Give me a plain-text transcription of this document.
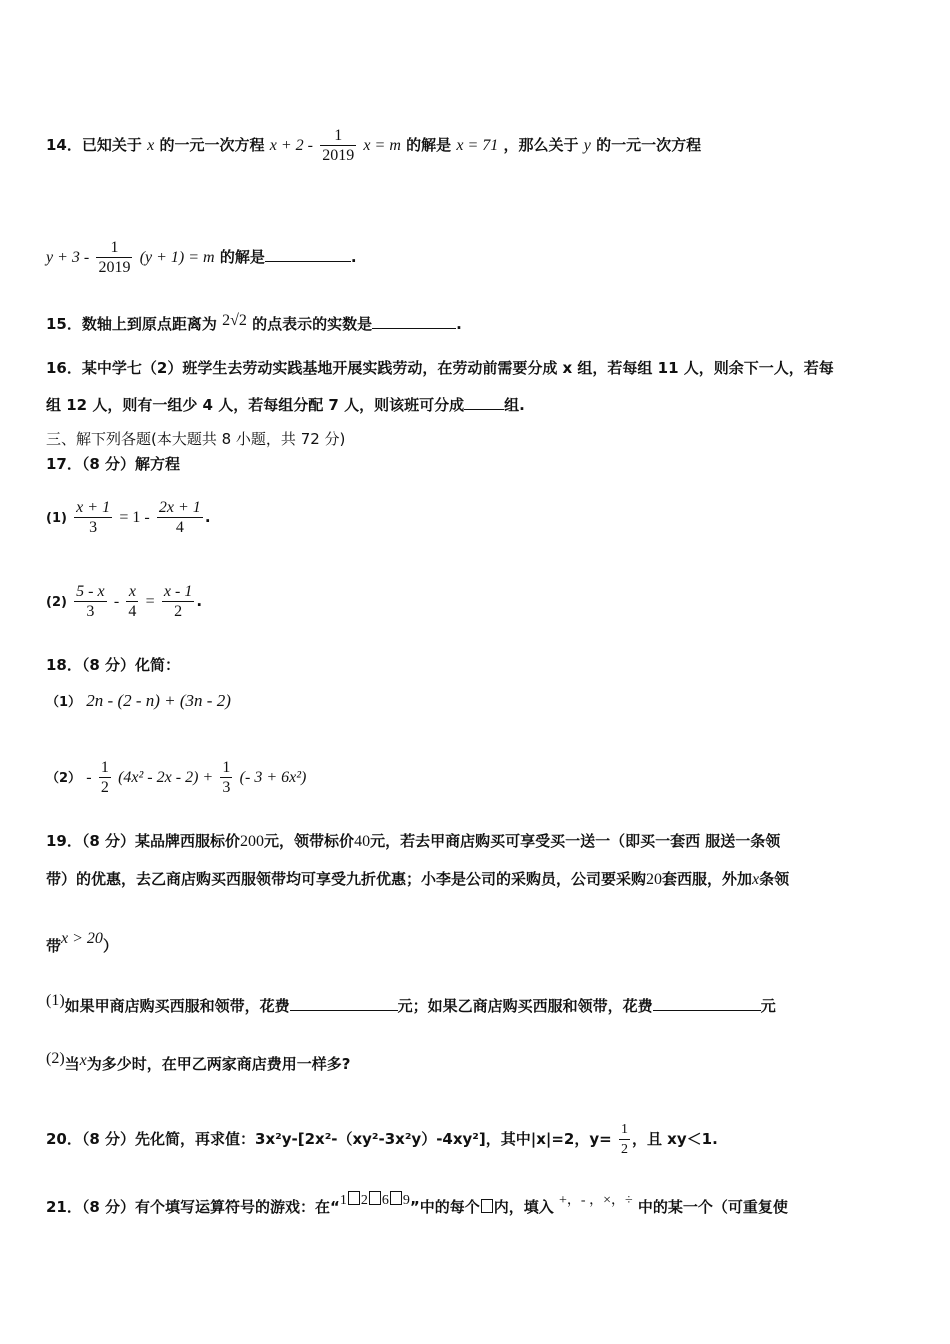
14．已知关于 x 的一元一次方程 $x + 2 - \frac{1}{2019}$ x = m 的解是 x = 71 ，那么关于 y 的一元一次方程
$y + 3 - \frac{1}{2019} (y + 1) = m$ 的解是	.
15．数轴上到原点距离为 2√2 的点表示的实数是	.
16．某中学七（2）班学生去劳动实践基地开展实践劳动，在劳动前需要分成 x 组，若每组 11 人，则余下一人，若每
组 12 人，则有一组少 4 人，若每组分配 7 人，则该班可分成	组.
三、解下列各题(本大题共 8 小题，共 72 分)
17．（8 分）解方程
$(1) \frac{x + 1}{3} = 1 - \frac{2x + 1}{4}$ .
$(2) \frac{5 - x}{3} - \frac{x}{4} = \frac{x - 1}{2}$ .
18．（8 分）化简：
（1） 2n - (2 - n) + (3n - 2)
$(2) - \frac{1}{2} (4x^2 - 2x - 2) + \frac{1}{3}$ (- 3 + 6x²)
19．（8 分）某品牌西服标价200元，领带标价40元，若去甲商店购买可享受买一送一（即买一套西 服送一条领
带）的优惠，去乙商店购买西服领带均可享受九折优惠；小李是公司的采购员，公司要采购20套西服，外加x条领
带x > 20）
(1)如果甲商店购买西服和领带，花费	元；如果乙商店购买西服和领带，花费	元
(2)当x为多少时，在甲乙两家商店费用一样多?
20．（8 分）先化简，再求值：3x²y-[2x²-（xy²-3x²y）-4xy²]，其中|x|=2，$y= \frac{1}{2}$ ，且 xy＜1.
21．（8 分）有个填写运算符号的游戏：在“1 2 6 9”中的每个 内，填入 +，- ，×，÷ 中的某一个（可重复使
